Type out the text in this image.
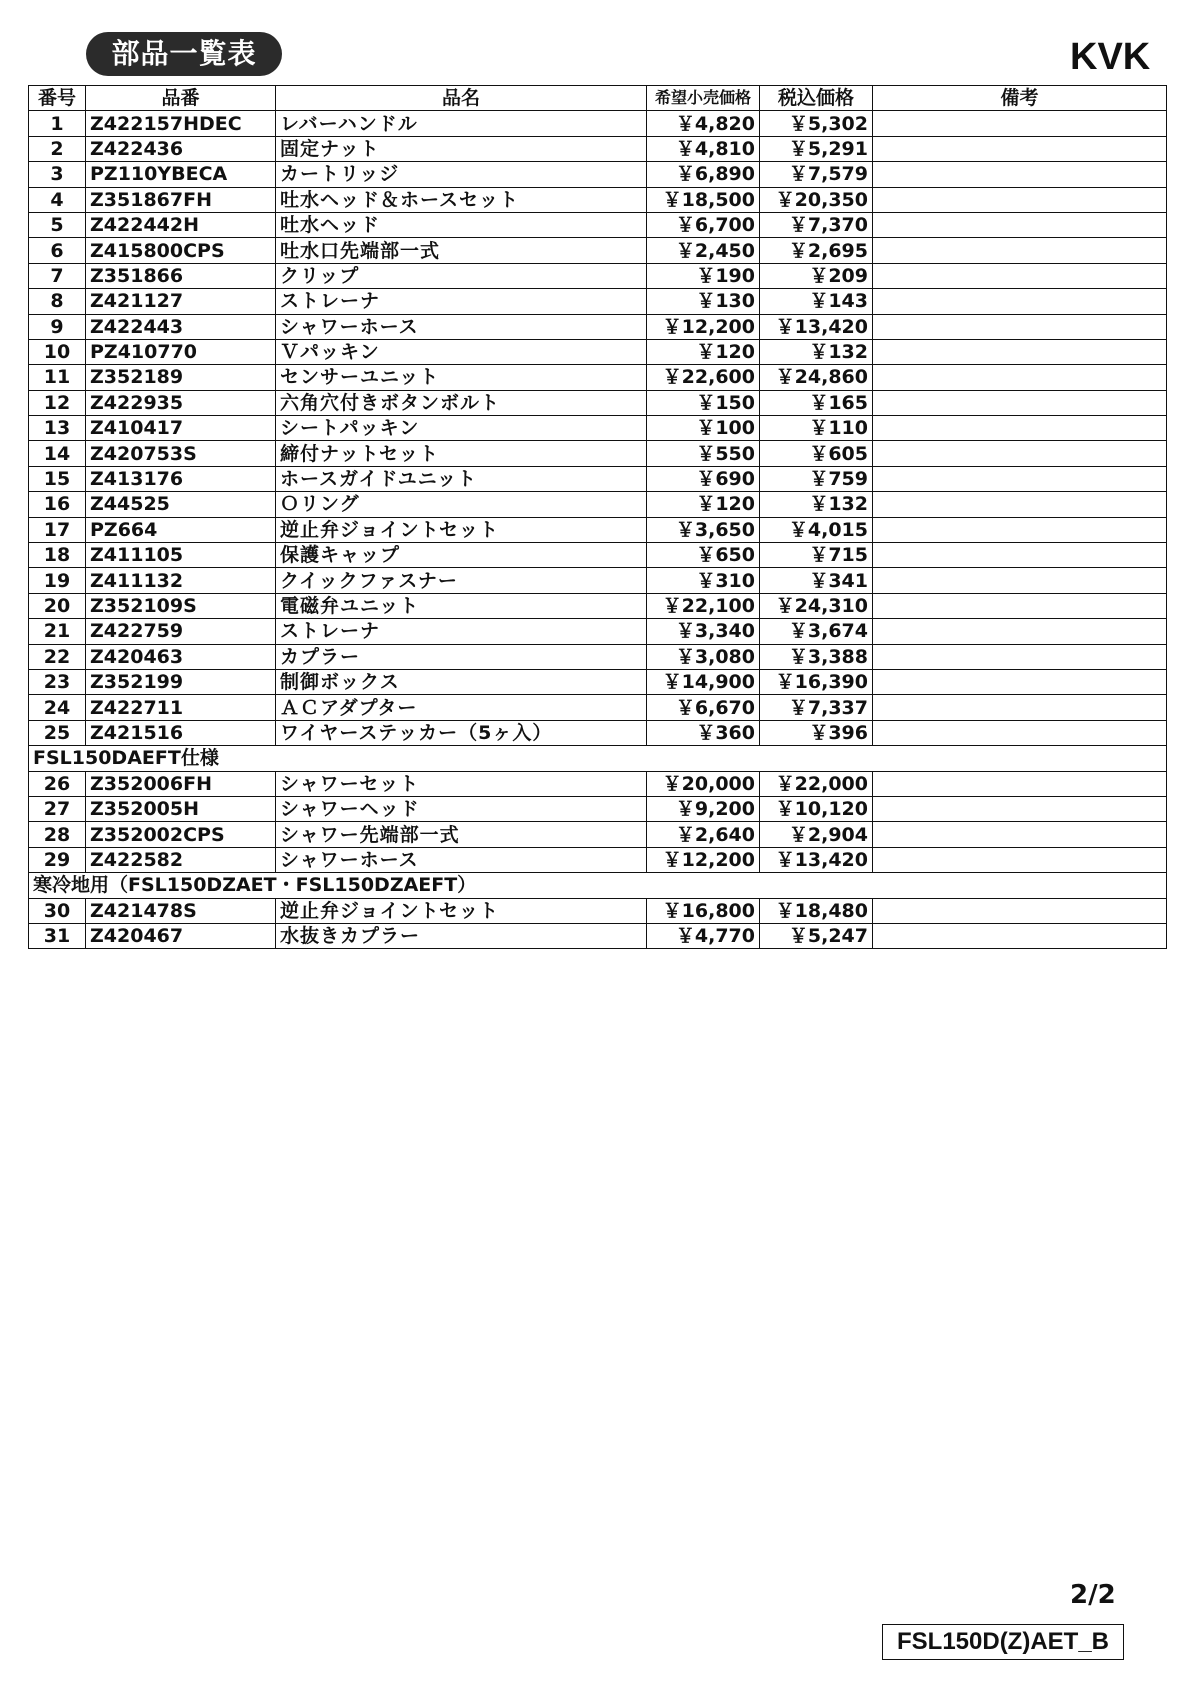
部品一覧表	KVK
番号	品番	品名	希望小売価格	税込価格	備考
1	Z422157HDEC	レバーハンドル	￥4,820	￥5,302	
2	Z422436	固定ナット	￥4,810	￥5,291	
3	PZ110YBECA	カートリッジ	￥6,890	￥7,579	
4	Z351867FH	吐水ヘッド＆ホースセット	￥18,500	￥20,350	
5	Z422442H	吐水ヘッド	￥6,700	￥7,370	
6	Z415800CPS	吐水口先端部一式	￥2,450	￥2,695	
7	Z351866	クリップ	￥190	￥209	
8	Z421127	ストレーナ	￥130	￥143	
9	Z422443	シャワーホース	￥12,200	￥13,420	
10	PZ410770	Ｖパッキン	￥120	￥132	
11	Z352189	センサーユニット	￥22,600	￥24,860	
12	Z422935	六角穴付きボタンボルト	￥150	￥165	
13	Z410417	シートパッキン	￥100	￥110	
14	Z420753S	締付ナットセット	￥550	￥605	
15	Z413176	ホースガイドユニット	￥690	￥759	
16	Z44525	Ｏリング	￥120	￥132	
17	PZ664	逆止弁ジョイントセット	￥3,650	￥4,015	
18	Z411105	保護キャップ	￥650	￥715	
19	Z411132	クイックファスナー	￥310	￥341	
20	Z352109S	電磁弁ユニット	￥22,100	￥24,310	
21	Z422759	ストレーナ	￥3,340	￥3,674	
22	Z420463	カプラー	￥3,080	￥3,388	
23	Z352199	制御ボックス	￥14,900	￥16,390	
24	Z422711	ＡＣアダプター	￥6,670	￥7,337	
25	Z421516	ワイヤーステッカー（5ヶ入）	￥360	￥396	
FSL150DAEFT仕様					
26	Z352006FH	シャワーセット	￥20,000	￥22,000	
27	Z352005H	シャワーヘッド	￥9,200	￥10,120	
28	Z352002CPS	シャワー先端部一式	￥2,640	￥2,904	
29	Z422582	シャワーホース	￥12,200	￥13,420	
寒冷地用（FSL150DZAET・FSL150DZAEFT）					
30	Z421478S	逆止弁ジョイントセット	￥16,800	￥18,480	
31	Z420467	水抜きカプラー	￥4,770	￥5,247	
2/2
FSL150D(Z)AET_B
